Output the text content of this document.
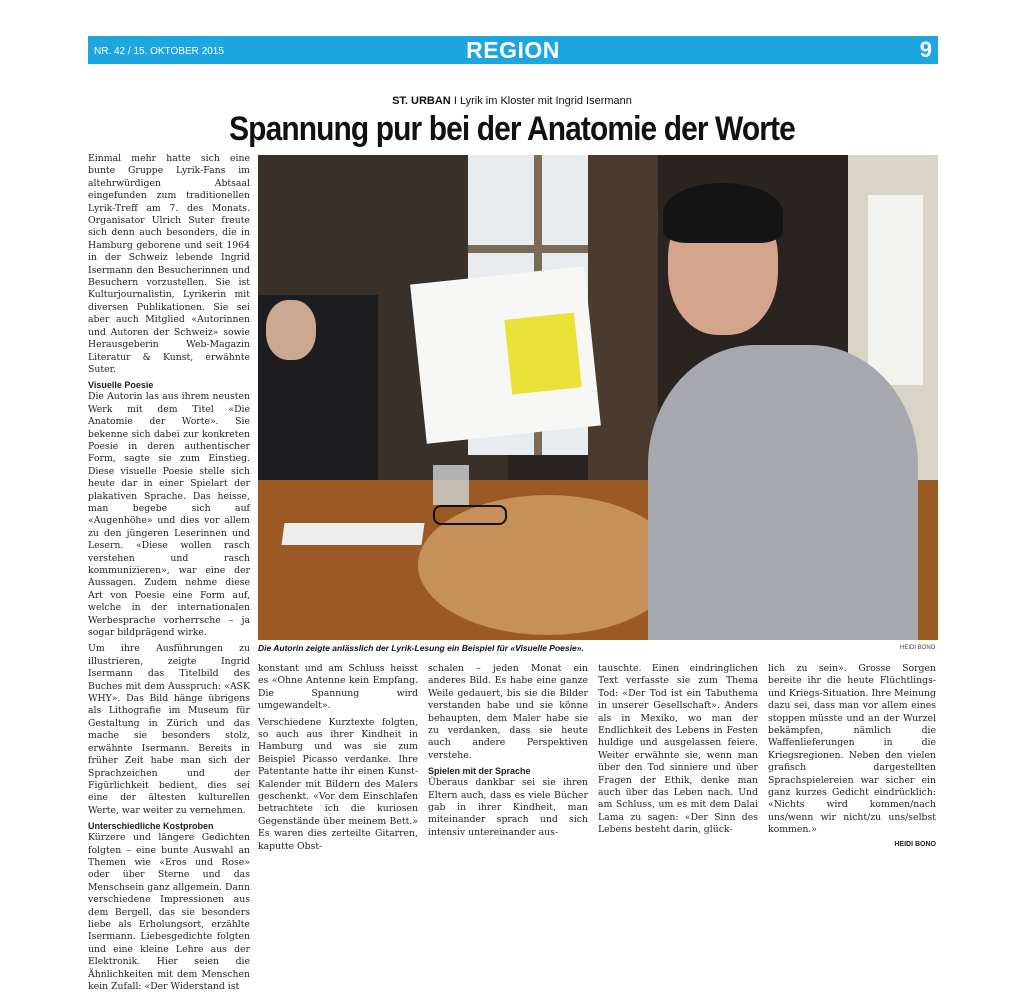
NR. 42 / 15. OKTOBER 2015	REGION	9
ST. URBAN I Lyrik im Kloster mit Ingrid Isermann
Spannung pur bei der Anatomie der Worte

Einmal mehr hatte sich eine bunte Gruppe Lyrik-Fans im altehrwürdigen Abtsaal eingefunden zum traditionellen Lyrik-Treff am 7. des Monats. Organisator Ulrich Suter freute sich denn auch besonders, die in Hamburg geborene und seit 1964 in der Schweiz lebende Ingrid Isermann den Besucherinnen und Besuchern vorzustellen. Sie ist Kulturjournalistin, Lyrikerin mit diversen Publikationen. Sie sei aber auch Mitglied «Autorinnen und Autoren der Schweiz» sowie Herausgeberin Web-Magazin Literatur & Kunst, erwähnte Suter.

Visuelle Poesie

Die Autorin las aus ihrem neusten Werk mit dem Titel «Die Anatomie der Worte». Sie bekenne sich dabei zur konkreten Poesie in deren authentischer Form, sagte sie zum Einstieg. Diese visuelle Poesie stelle sich heute dar in einer Spielart der plakativen Sprache. Das heisse, man begebe sich auf «Augenhöhe» und dies vor allem zu den jüngeren Leserinnen und Lesern. «Diese wollen rasch verstehen und rasch kommunizieren», war eine der Aussagen. Zudem nehme diese Art von Poesie eine Form auf, welche in der internationalen Werbesprache vorherrsche – ja sogar bildprägend wirke.

Um ihre Ausführungen zu illustrieren, zeigte Ingrid Isermann das Titelbild des Buches mit dem Ausspruch: «ASK WHY». Das Bild hänge übrigens als Lithografie im Museum für Gestaltung in Zürich und das mache sie besonders stolz, erwähnte Isermann. Bereits in früher Zeit habe man sich der Sprachzeichen und der Figürlichkeit bedient, dies sei eine der ältesten kulturellen Werte, war weiter zu vernehmen.

Unterschiedliche Kostproben

Kürzere und längere Gedichten folgten – eine bunte Auswahl an Themen wie «Eros und Rose» oder über Sterne und das Menschsein ganz allgemein. Dann verschiedene Impressionen aus dem Bergell, das sie besonders liebe als Erholungsort, erzählte Isermann. Liebesgedichte folgten und eine kleine Lehre aus der Elektronik. Hier seien die Ähnlichkeiten mit dem Menschen kein Zufall: «Der Widerstand ist

Die Autorin zeigte anlässlich der Lyrik-Lesung ein Beispiel für «Visuelle Poesie».	HEIDI BONO

konstant und am Schluss heisst es «Ohne Antenne kein Empfang. Die Spannung wird umgewandelt».

Verschiedene Kurztexte folgten, so auch aus ihrer Kindheit in Hamburg und was sie zum Beispiel Picasso verdanke. Ihre Patentante hatte ihr einen Kunst-Kalender mit Bildern des Malers geschenkt. «Vor dem Einschlafen betrachtete ich die kuriosen Gegenstände über meinem Bett.» Es waren dies zerteilte Gitarren, kaputte Obst-

schalen – jeden Monat ein anderes Bild. Es habe eine ganze Weile gedauert, bis sie die Bilder verstanden habe und sie könne behaupten, dem Maler habe sie zu verdanken, dass sie heute auch andere Perspektiven verstehe.

Spielen mit der Sprache

Überaus dankbar sei sie ihren Eltern auch, dass es viele Bücher gab in ihrer Kindheit, man miteinander sprach und sich intensiv untereinander aus-

tauschte. Einen eindringlichen Text verfasste sie zum Thema Tod: «Der Tod ist ein Tabuthema in unserer Gesellschaft». Anders als in Mexiko, wo man der Endlichkeit des Lebens in Festen huldige und ausgelassen feiere. Weiter erwähnte sie, wenn man über den Tod sinniere und über Fragen der Ethik, denke man auch über das Leben nach. Und am Schluss, um es mit dem Dalai Lama zu sagen: «Der Sinn des Lebens besteht darin, glück-

lich zu sein». Grosse Sorgen bereite ihr die heute Flüchtlings- und Kriegs-Situation. Ihre Meinung dazu sei, dass man vor allem eines stoppen müsste und an der Wurzel bekämpfen, nämlich die Waffenlieferungen in die Kriegsregionen. Neben den vielen grafisch dargestellten Sprachspielereien war sicher ein ganz kurzes Gedicht eindrücklich: «Nichts wird kommen/nach uns/wenn wir nicht/zu uns/selbst kommen.»

HEIDI BONO
